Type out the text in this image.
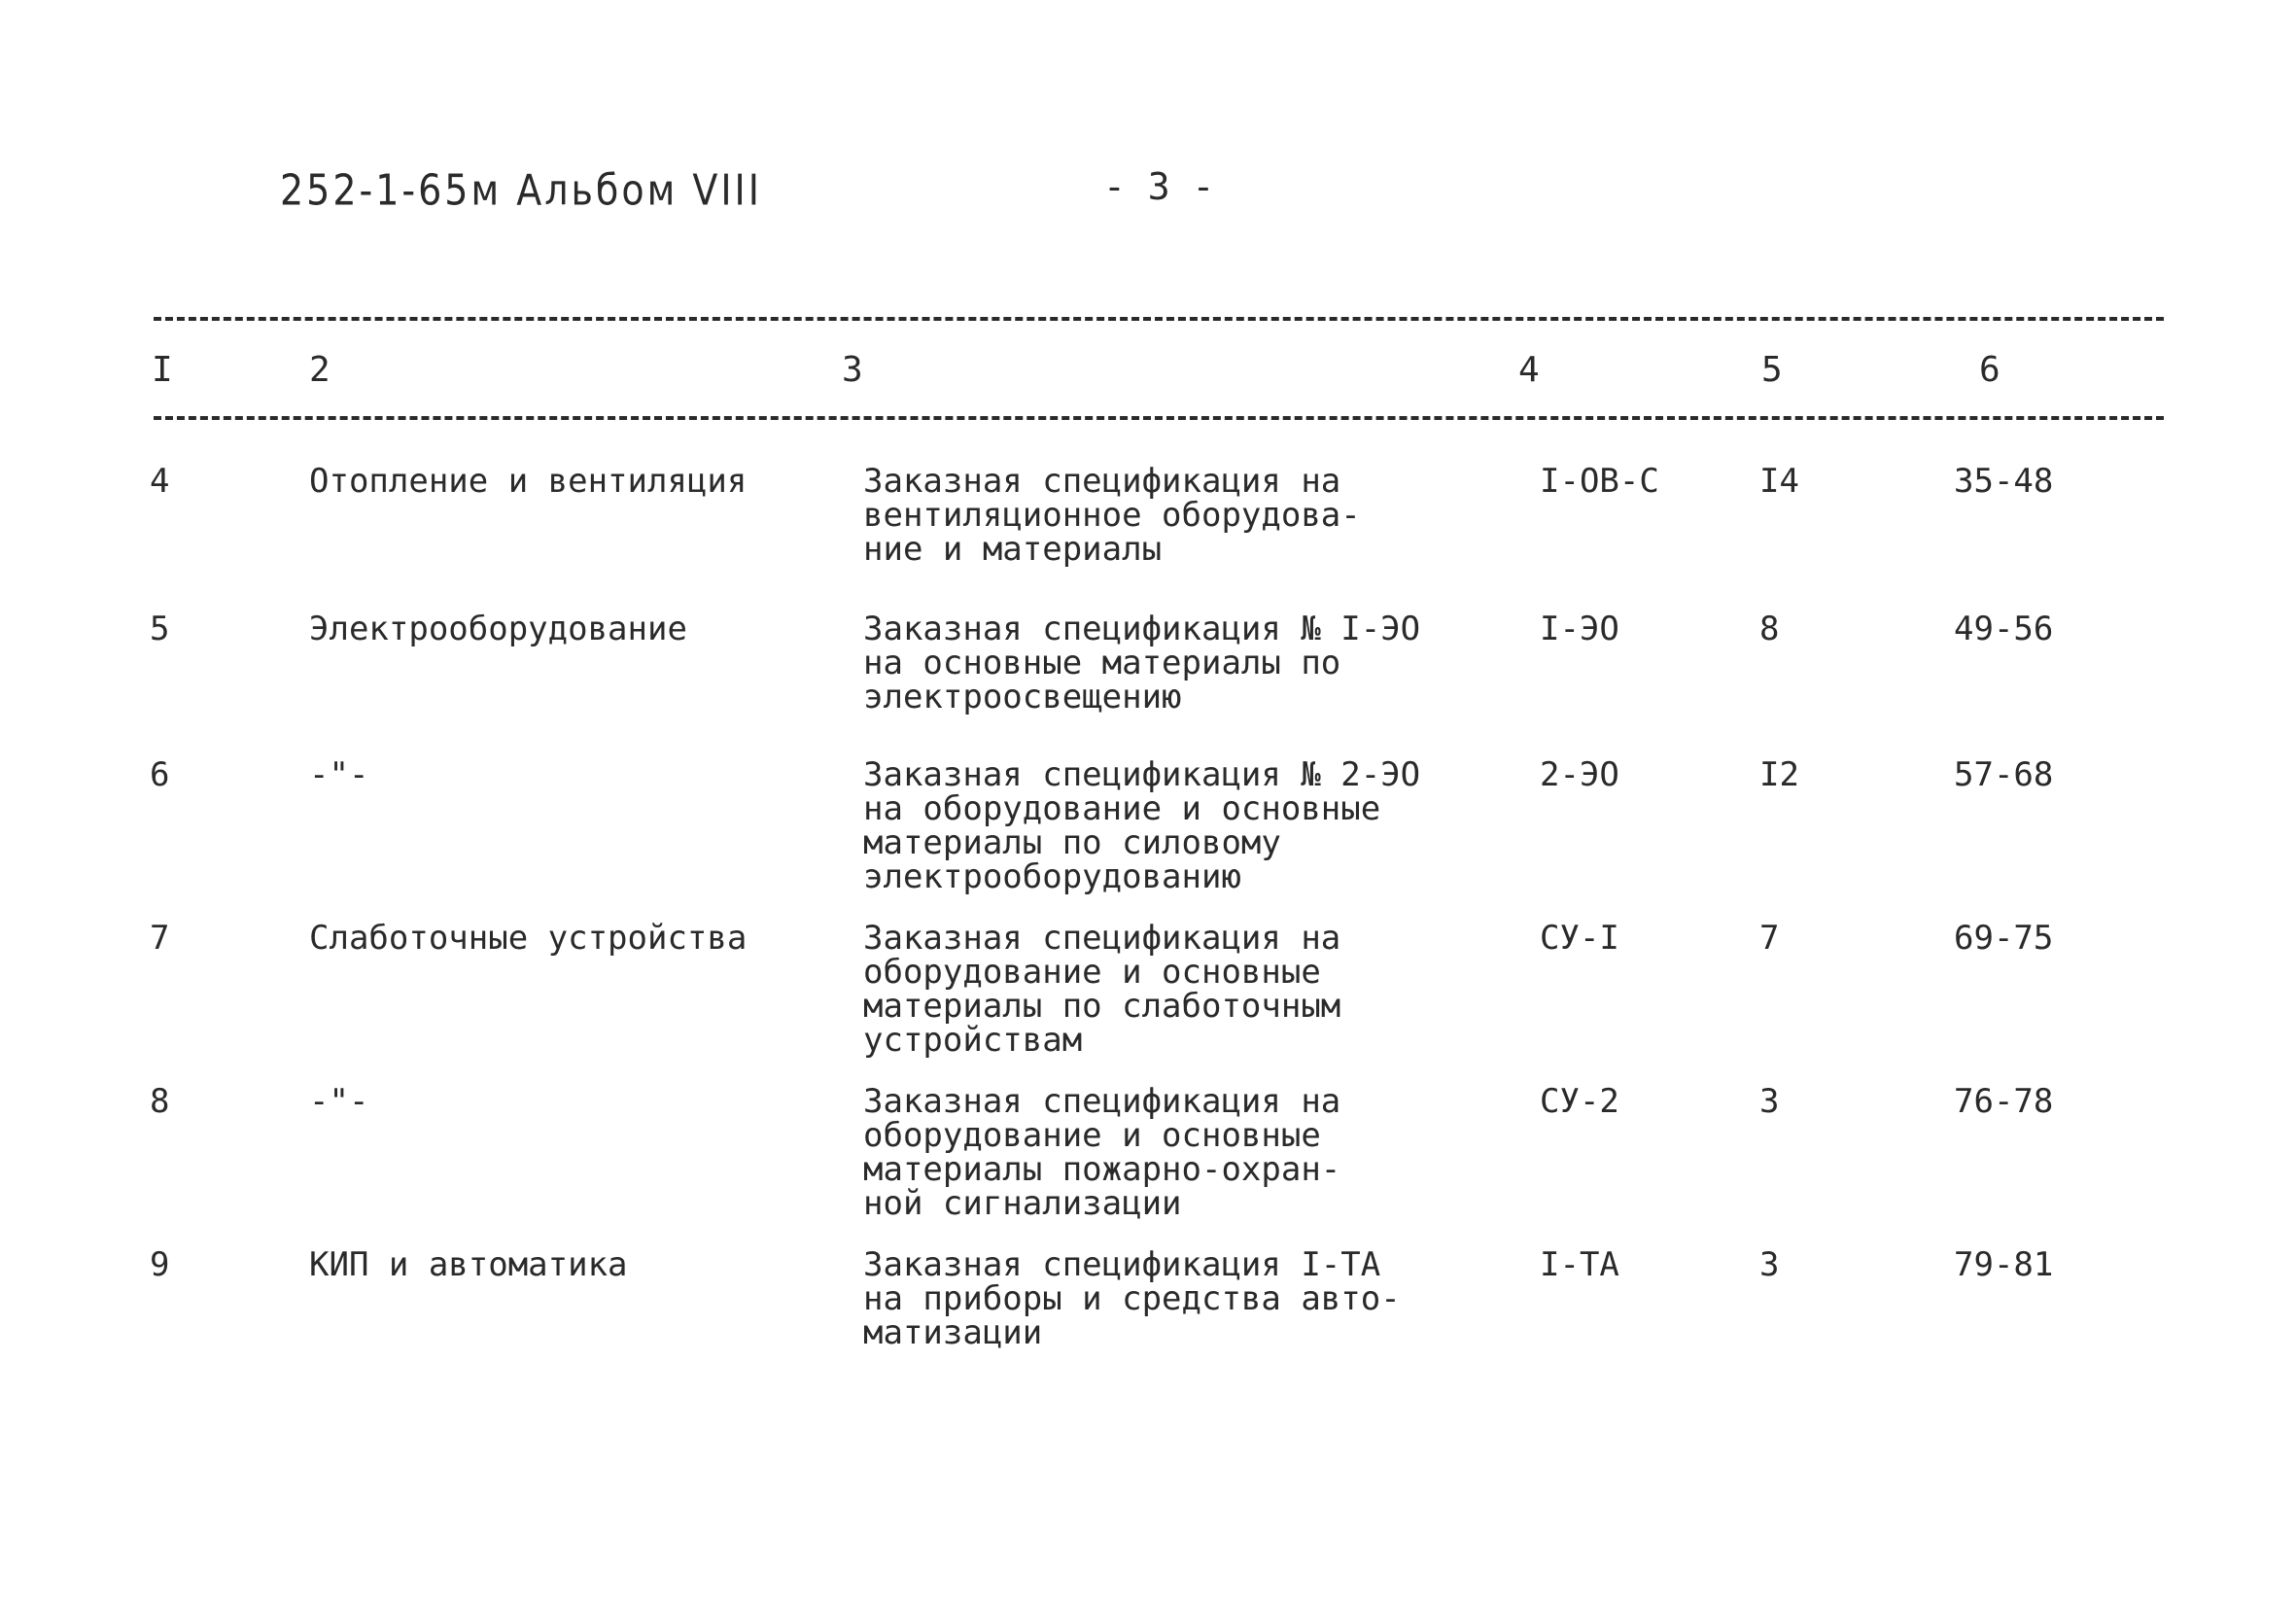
252-1-65м Альбом VIII	- 3 -
I	2	3	4	5	6
4	Отопление и вентиляция	Заказная спецификация на
вентиляционное оборудова-
ние и материалы
I-ОВ-С	I4	35-48
5	Электрооборудование	Заказная спецификация № I-ЭО
на основные материалы по
электроосвещению
I-ЭО	8	49-56
6	-"-	Заказная спецификация № 2-ЭО
на оборудование и основные
материалы по силовому
электрооборудованию
2-ЭО	I2	57-68
7	Слаботочные устройства	Заказная спецификация на
оборудование и основные
материалы по слаботочным
устройствам
СУ-I	7	69-75
8	-"-	Заказная спецификация на
оборудование и основные
материалы пожарно-охран-
ной сигнализации
СУ-2	3	76-78
9	КИП и автоматика	Заказная спецификация I-ТА
на приборы и средства авто-
матизации
I-ТА	3	79-81
